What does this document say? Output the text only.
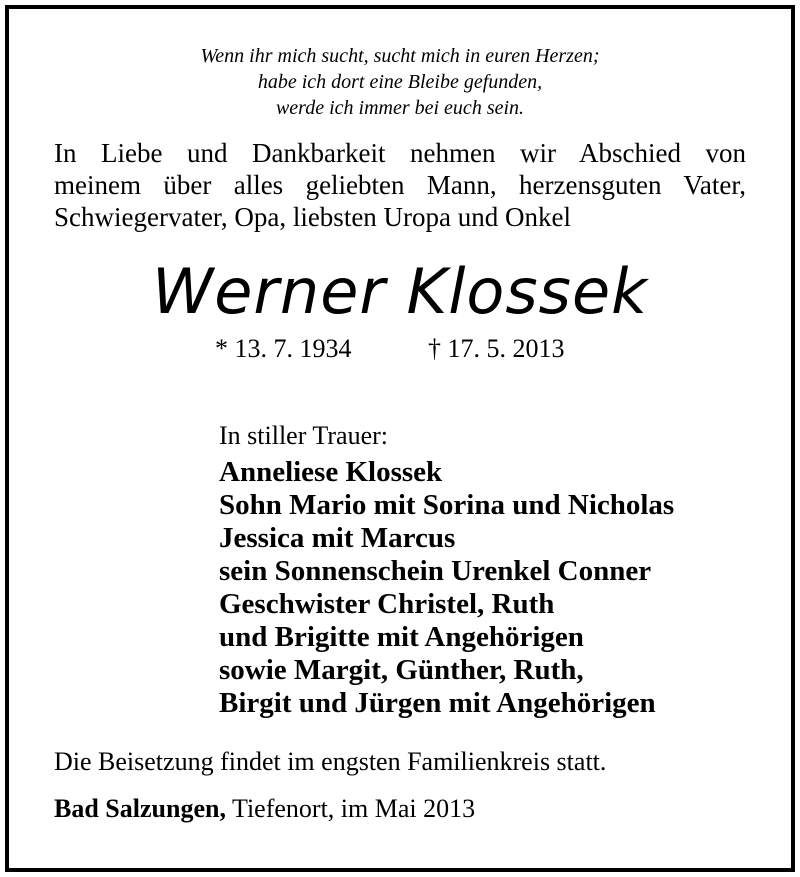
Wenn ihr mich sucht, sucht mich in euren Herzen;
habe ich dort eine Bleibe gefunden,
werde ich immer bei euch sein.
In Liebe und Dankbarkeit nehmen wir Abschied von
meinem über alles geliebten Mann, herzensguten Vater,
Schwiegervater, Opa, liebsten Uropa und Onkel
Werner Klossek
* 13. 7. 1934	† 17. 5. 2013
In stiller Trauer:
Anneliese Klossek
Sohn Mario mit Sorina und Nicholas
Jessica mit Marcus
sein Sonnenschein Urenkel Conner
Geschwister Christel, Ruth
und Brigitte mit Angehörigen
sowie Margit, Günther, Ruth,
Birgit und Jürgen mit Angehörigen
Die Beisetzung findet im engsten Familienkreis statt.
Bad Salzungen, Tiefenort, im Mai 2013
